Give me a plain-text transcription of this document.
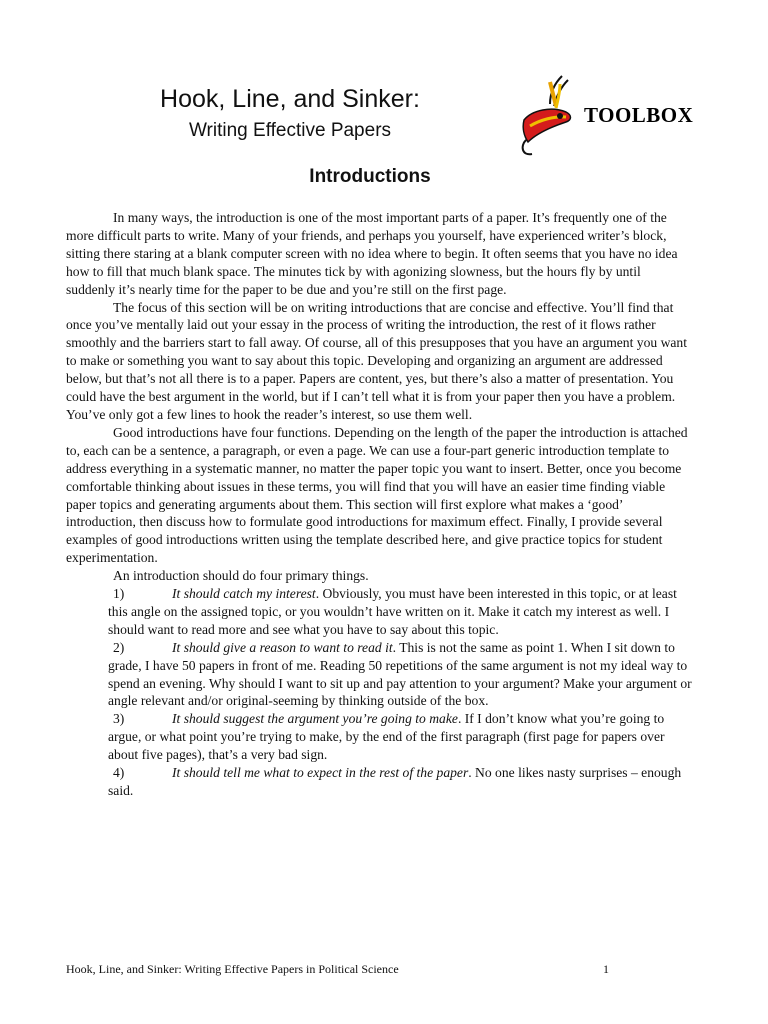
Hook, Line, and Sinker:
Writing Effective Papers
TOOLBOX
Introductions

In many ways, the introduction is one of the most important parts of a paper. It’s frequently one of the more difficult parts to write. Many of your friends, and perhaps you yourself, have experienced writer’s block, sitting there staring at a blank computer screen with no idea where to begin. It often seems that you have no idea how to fill that much blank space. The minutes tick by with agonizing slowness, but the hours fly by until suddenly it’s nearly time for the paper to be due and you’re still on the first page.

The focus of this section will be on writing introductions that are concise and effective. You’ll find that once you’ve mentally laid out your essay in the process of writing the introduction, the rest of it flows rather smoothly and the barriers start to fall away. Of course, all of this presupposes that you have an argument you want to make or something you want to say about this topic. Developing and organizing an argument are addressed below, but that’s not all there is to a paper. Papers are content, yes, but there’s also a matter of presentation. You could have the best argument in the world, but if I can’t tell what it is from your paper then you have a problem. You’ve only got a few lines to hook the reader’s interest, so use them well.

Good introductions have four functions. Depending on the length of the paper the introduction is attached to, each can be a sentence, a paragraph, or even a page. We can use a four-part generic introduction template to address everything in a systematic manner, no matter the paper topic you want to insert. Better, once you become comfortable thinking about issues in these terms, you will find that you will have an easier time finding viable paper topics and generating arguments about them. This section will first explore what makes a ‘good’ introduction, then discuss how to formulate good introductions for maximum effect. Finally, I provide several examples of good introductions written using the template described here, and give practice topics for student experimentation.

An introduction should do four primary things.

1)	It should catch my interest. Obviously, you must have been interested in this topic, or at least this angle on the assigned topic, or you wouldn’t have written on it. Make it catch my interest as well. I should want to read more and see what you have to say about this topic.
2)	It should give a reason to want to read it. This is not the same as point 1. When I sit down to grade, I have 50 papers in front of me. Reading 50 repetitions of the same argument is not my ideal way to spend an evening. Why should I want to sit up and pay attention to your argument? Make your argument or angle relevant and/or original-seeming by thinking outside of the box.
3)	It should suggest the argument you’re going to make. If I don’t know what you’re going to argue, or what point you’re trying to make, by the end of the first paragraph (first page for papers over about five pages), that’s a very bad sign.
4)	It should tell me what to expect in the rest of the paper. No one likes nasty surprises – enough said.
Hook, Line, and Sinker: Writing Effective Papers in Political Science	1
